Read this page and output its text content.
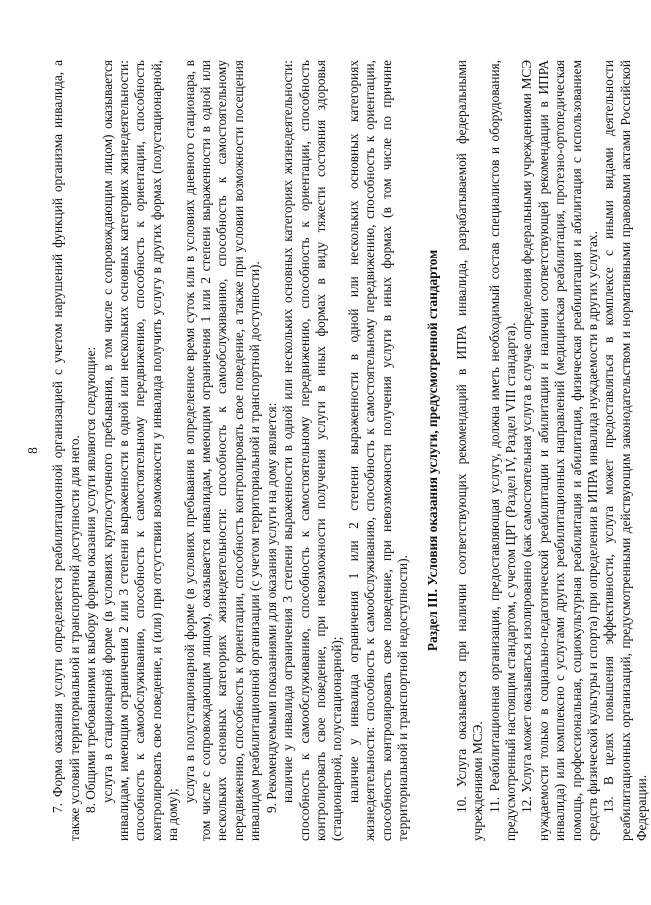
8 7. Форма оказания услуги определяется реабилитационной организацией с учетом нарушений функций организма инвалида, а также условий территориальной и транспортной доступности для него. 8. Общими требованиями к выбору формы оказания услуги являются следующие: услуга в стационарной форме (в условиях круглосуточного пребывания, в том числе с сопровождающим лицом) оказывается инвалидам, имеющим ограничения 2 или 3 степени выраженности в одной или нескольких основных категориях жизнедеятельности: способность к самообслуживанию, способность к самостоятельному передвижению, способность к ориентации, способность контролировать свое поведение, и (или) при отсутствии возможности у инвалида получить услугу в других формах (полустационарной, на дому);

услуга в полустационарной форме (в условиях пребывания в определенное время суток или в условиях дневного стационара, в том числе с сопровождающим лицом), оказывается инвалидам, имеющим ограничения 1 или 2 степени выраженности в одной или нескольких основных категориях жизнедеятельности: способность к самообслуживанию, способность к самостоятельному передвижению, способность к ориентации, способность контролировать свое поведение, а также при условии возможности посещения инвалидом реабилитационной организации (с учетом территориальной и транспортной доступности). 9. Рекомендуемыми показаниями для оказания услуги на дому является: наличие у инвалида ограничения 3 степени выраженности в одной или нескольких основных категориях жизнедеятельности: способность к самообслуживанию, способность к самостоятельному передвижению, способность к ориентации, способность контролировать свое поведение, при невозможности получения услуги в иных формах в виду тяжести состояния здоровья (стационарной, полустационарной); наличие у инвалида ограничения 1 или 2 степени выраженности в одной или нескольких основных категориях жизнедеятельности: способность к самообслуживанию, способность к самостоятельному передвижению, способность к ориентации, способность контролировать свое поведение, при невозможности получения услуги в иных формах (в том числе по причине территориальной и транспортной недоступности).

Раздел III. Условия оказания услуги, предусмотренной стандартом 10. Услуга оказывается при наличии соответствующих рекомендаций в ИПРА инвалида, разрабатываемой федеральными учреждениями МСЭ. 11. Реабилитационная организация, предоставляющая услугу, должна иметь необходимый состав специалистов и оборудования, предусмотренный настоящим стандартом, с учетом ЦРГ (Раздел IV, Раздел VIII стандарта). 12. Услуга может оказываться изолированно (как самостоятельная услуга в случае определения федеральными учреждениями МСЭ нуждаемости только в социально-педагогической реабилитации и абилитации и наличии соответствующей рекомендации в ИПРА инвалида) или комплексно с услугами других реабилитационных направлений (медицинская реабилитация, протезно-ортопедическая помощь, профессиональная, социокультурная реабилитация и абилитация, физическая реабилитация и абилитация с использованием средств физической культуры и спорта) при определении в ИПРА инвалида нуждаемости в других услугах. 13. В целях повышения эффективности, услуга может предоставляться в комплексе с иными видами деятельности реабилитационных организаций, предусмотренными действующим законодательством и нормативными правовыми актами Российской Федерации.
